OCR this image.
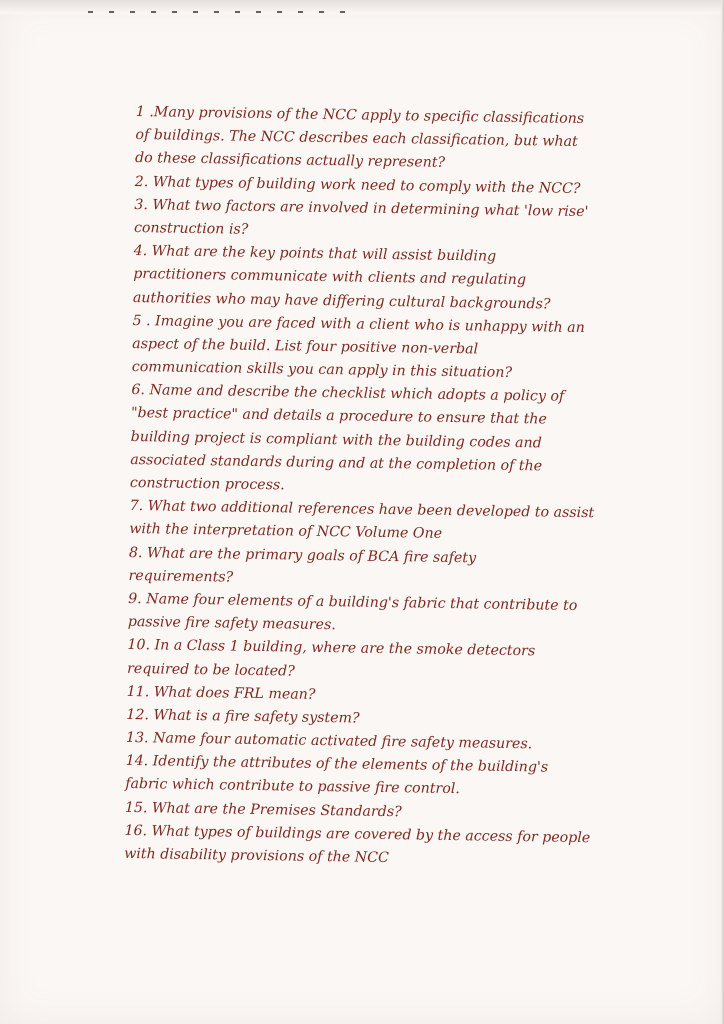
1 .Many provisions of the NCC apply to specific classifications
of buildings. The NCC describes each classification, but what
do these classifications actually represent?
2. What types of building work need to comply with the NCC?
3. What two factors are involved in determining what 'low rise'
construction is?
4. What are the key points that will assist building
practitioners communicate with clients and regulating
authorities who may have differing cultural backgrounds?
5 . Imagine you are faced with a client who is unhappy with an
aspect of the build. List four positive non-verbal
communication skills you can apply in this situation?
6. Name and describe the checklist which adopts a policy of
"best practice" and details a procedure to ensure that the
building project is compliant with the building codes and
associated standards during and at the completion of the
construction process.
7. What two additional references have been developed to assist
with the interpretation of NCC Volume One
8. What are the primary goals of BCA fire safety
requirements?
9. Name four elements of a building's fabric that contribute to
passive fire safety measures.
10. In a Class 1 building, where are the smoke detectors
required to be located?
11. What does FRL mean?
12. What is a fire safety system?
13. Name four automatic activated fire safety measures.
14. Identify the attributes of the elements of the building's
fabric which contribute to passive fire control.
15. What are the Premises Standards?
16. What types of buildings are covered by the access for people
with disability provisions of the NCC
